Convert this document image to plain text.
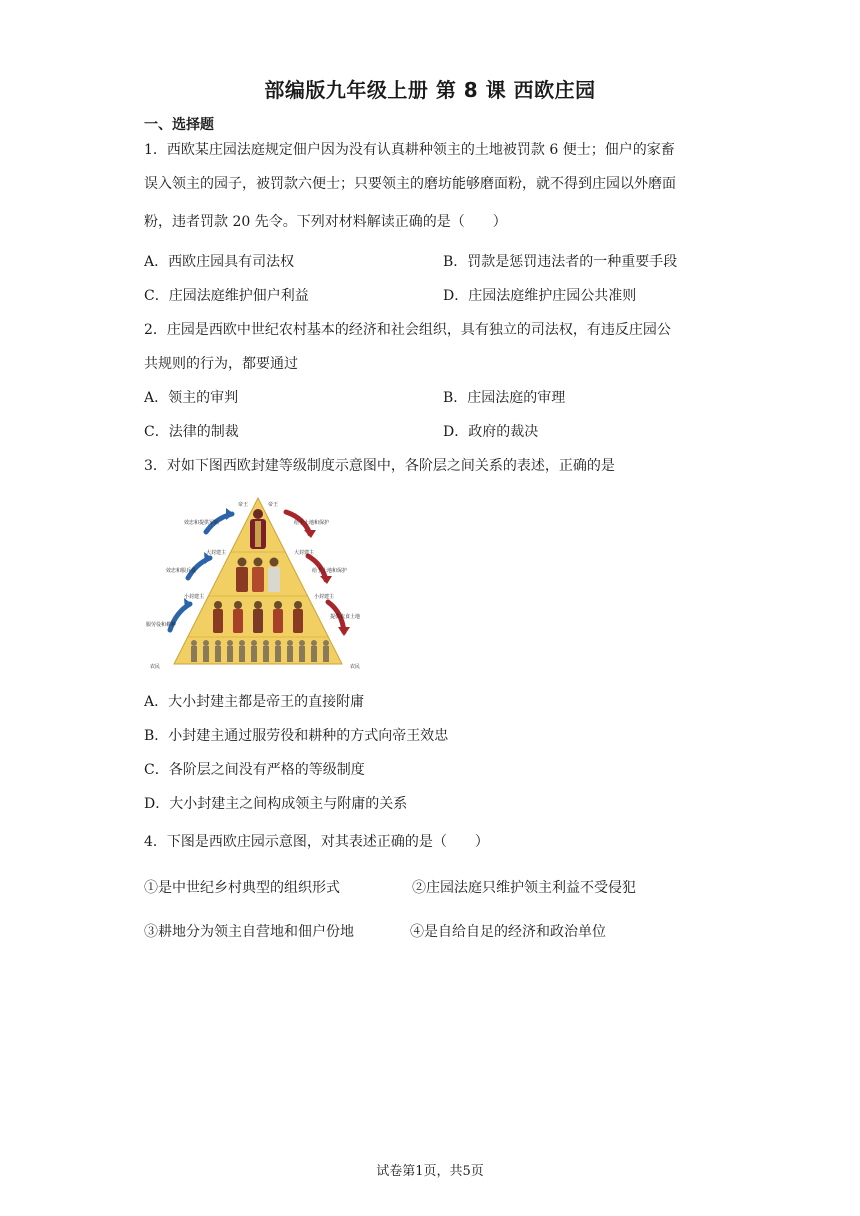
部编版九年级上册 第 8 课 西欧庄园
一、选择题
1．西欧某庄园法庭规定佃户因为没有认真耕种领主的土地被罚款 6 便士；佃户的家畜
误入领主的园子，被罚款六便士；只要领主的磨坊能够磨面粉，就不得到庄园以外磨面
粉，违者罚款 20 先令。下列对材料解读正确的是（　　）
A．西欧庄园具有司法权	B．罚款是惩罚违法者的一种重要手段
C．庄园法庭维护佃户利益	D．庄园法庭维护庄园公共准则
2．庄园是西欧中世纪农村基本的经济和社会组织，具有独立的司法权，有违反庄园公
共规则的行为，都要通过
A．领主的审判	B．庄园法庭的审理
C．法律的制裁	D．政府的裁决
3．对如下图西欧封建等级制度示意图中，各阶层之间关系的表述，正确的是
帝王	帝王
大封建主	大封建主
小封建主	小封建主
农民	农民
效忠和提供军队
效忠和服兵役
服劳役和耕种
给予土地和保护
给予土地和保护
提供衣食土地
A．大小封建主都是帝王的直接附庸
B．小封建主通过服劳役和耕种的方式向帝王效忠
C．各阶层之间没有严格的等级制度
D．大小封建主之间构成领主与附庸的关系
4．下图是西欧庄园示意图，对其表述正确的是（　　）
①是中世纪乡村典型的组织形式	②庄园法庭只维护领主利益不受侵犯
③耕地分为领主自营地和佃户份地	④是自给自足的经济和政治单位
试卷第1页，共5页
